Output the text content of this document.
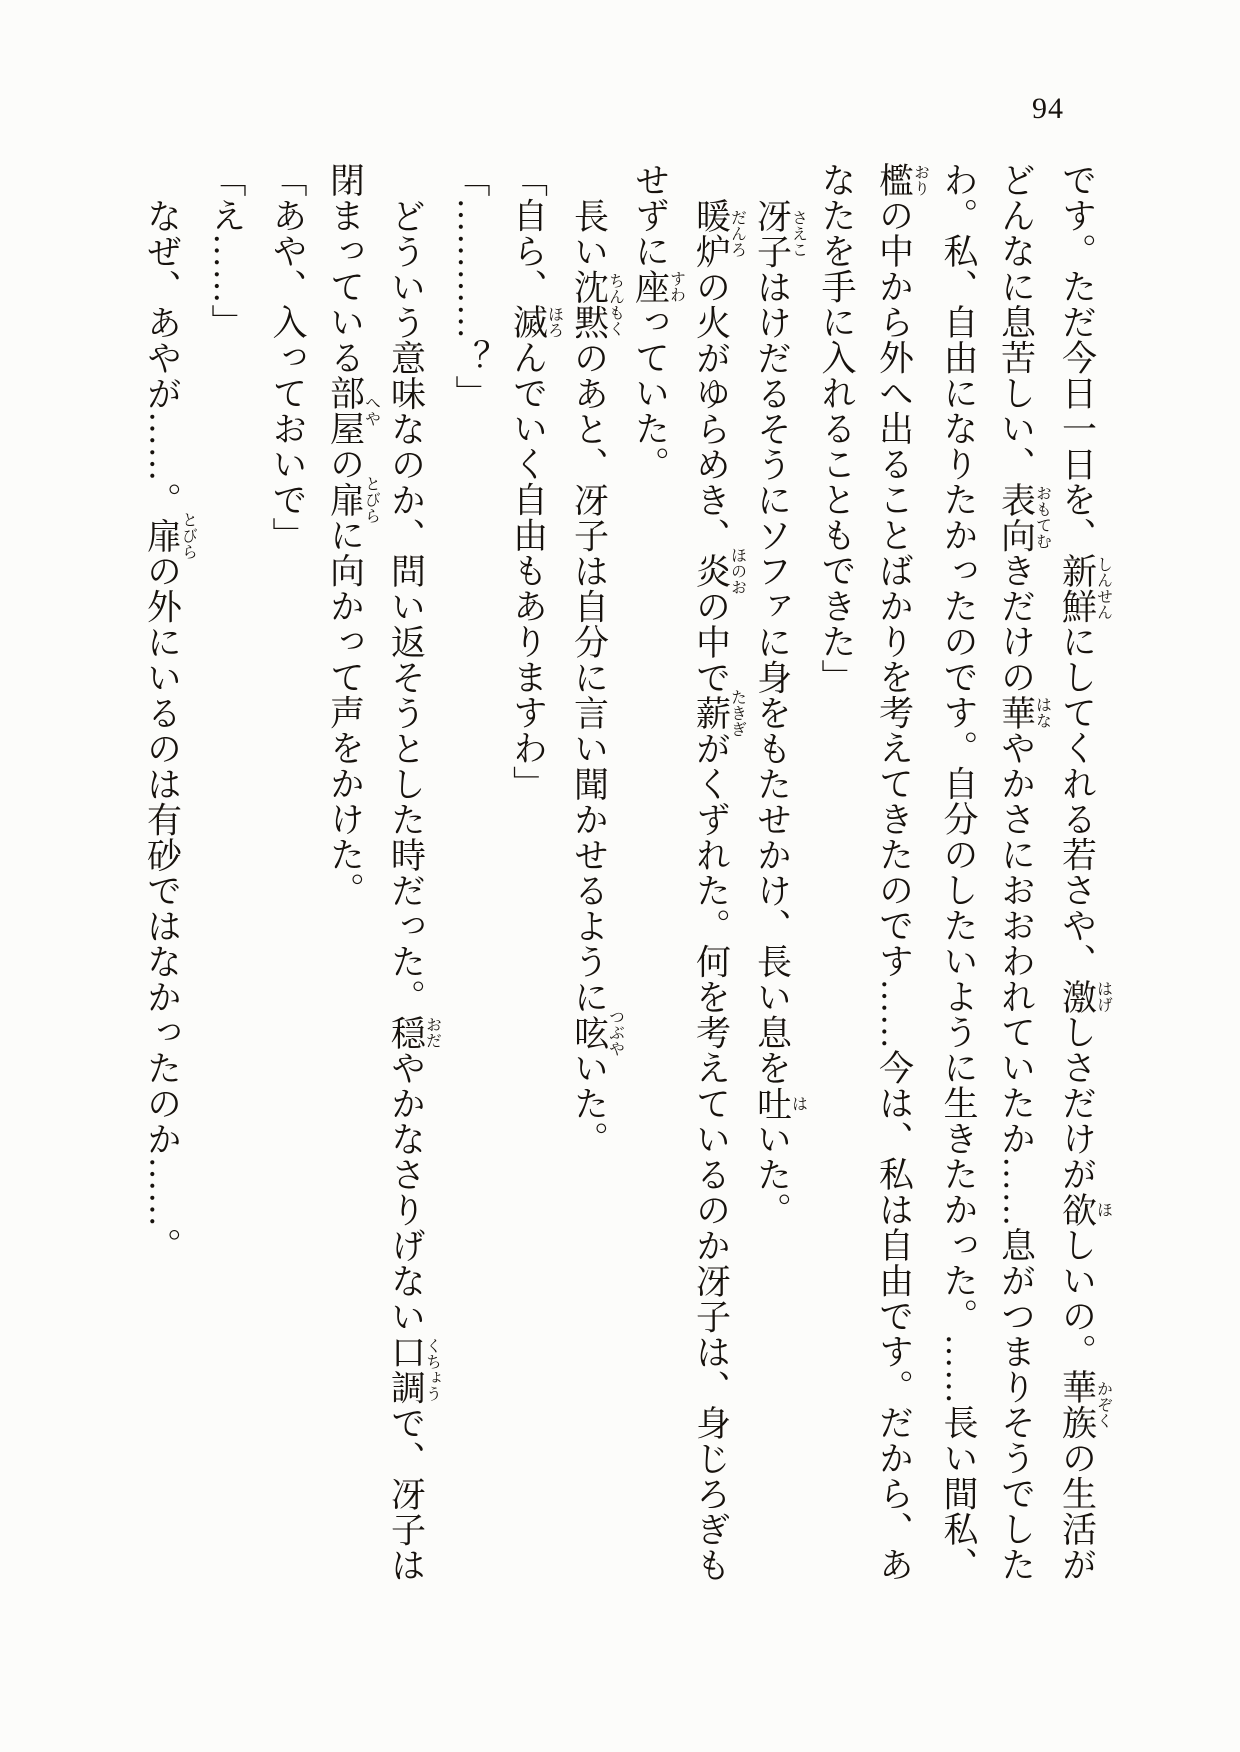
94
です。ただ今日一日を、新鮮しんせんにしてくれる若さや、激はげしさだけが欲ほしいの。華族かぞくの生活が
どんなに息苦しい、表向おもてむきだけの華はなやかさにおおわれていたか……息がつまりそうでした
わ。私、自由になりたかったのです。自分のしたいように生きたかった。……長い間私、
檻おりの中から外へ出ることばかりを考えてきたのです……今は、私は自由です。だから、あ
なたを手に入れることもできた」
冴子さえこはけだるそうにソファに身をもたせかけ、長い息を吐はいた。
暖炉だんろの火がゆらめき、炎ほのおの中で薪たきぎがくずれた。何を考えているのか冴子は、身じろぎも
せずに座すわっていた。
長い沈黙ちんもくのあと、冴子は自分に言い聞かせるように呟つぶやいた。
「自ら、滅ほろんでいく自由もありますわ」
「…………？」
どういう意味なのか、問い返そうとした時だった。穏おだやかなさりげない口調くちょうで、冴子は
閉まっている部屋へやの扉とびらに向かって声をかけた。
「あや、入っておいで」
「え……」
なぜ、あやが……。扉とびらの外にいるのは有砂ではなかったのか……。
